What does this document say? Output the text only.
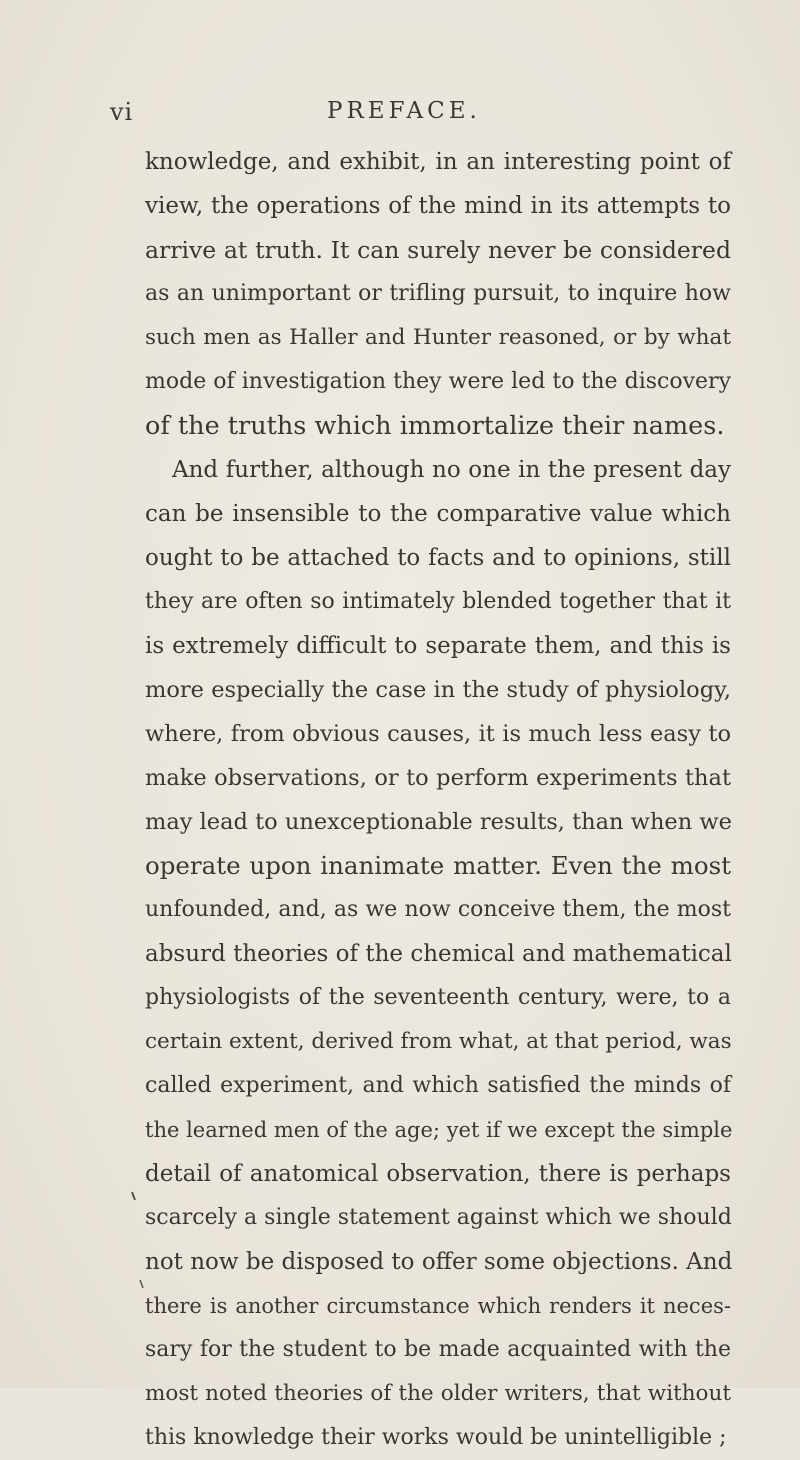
vi	PREFACE.
knowledge, and exhibit, in an interesting point of
view, the operations of the mind in its attempts to
arrive at truth. It can surely never be considered
as an unimportant or trifling pursuit, to inquire how
such men as Haller and Hunter reasoned, or by what
mode of investigation they were led to the discovery
of the truths which immortalize their names.
And further, although no one in the present day
can be insensible to the comparative value which
ought to be attached to facts and to opinions, still
they are often so intimately blended together that it
is extremely difficult to separate them, and this is
more especially the case in the study of physiology,
where, from obvious causes, it is much less easy to
make observations, or to perform experiments that
may lead to unexceptionable results, than when we
operate upon inanimate matter. Even the most
unfounded, and, as we now conceive them, the most
absurd theories of the chemical and mathematical
physiologists of the seventeenth century, were, to a
certain extent, derived from what, at that period, was
called experiment, and which satisfied the minds of
the learned men of the age; yet if we except the simple
detail of anatomical observation, there is perhaps
scarcely a single statement against which we should
not now be disposed to offer some objections. And
there is another circumstance which renders it neces-
sary for the student to be made acquainted with the
most noted theories of the older writers, that without
this knowledge their works would be unintelligible ;
